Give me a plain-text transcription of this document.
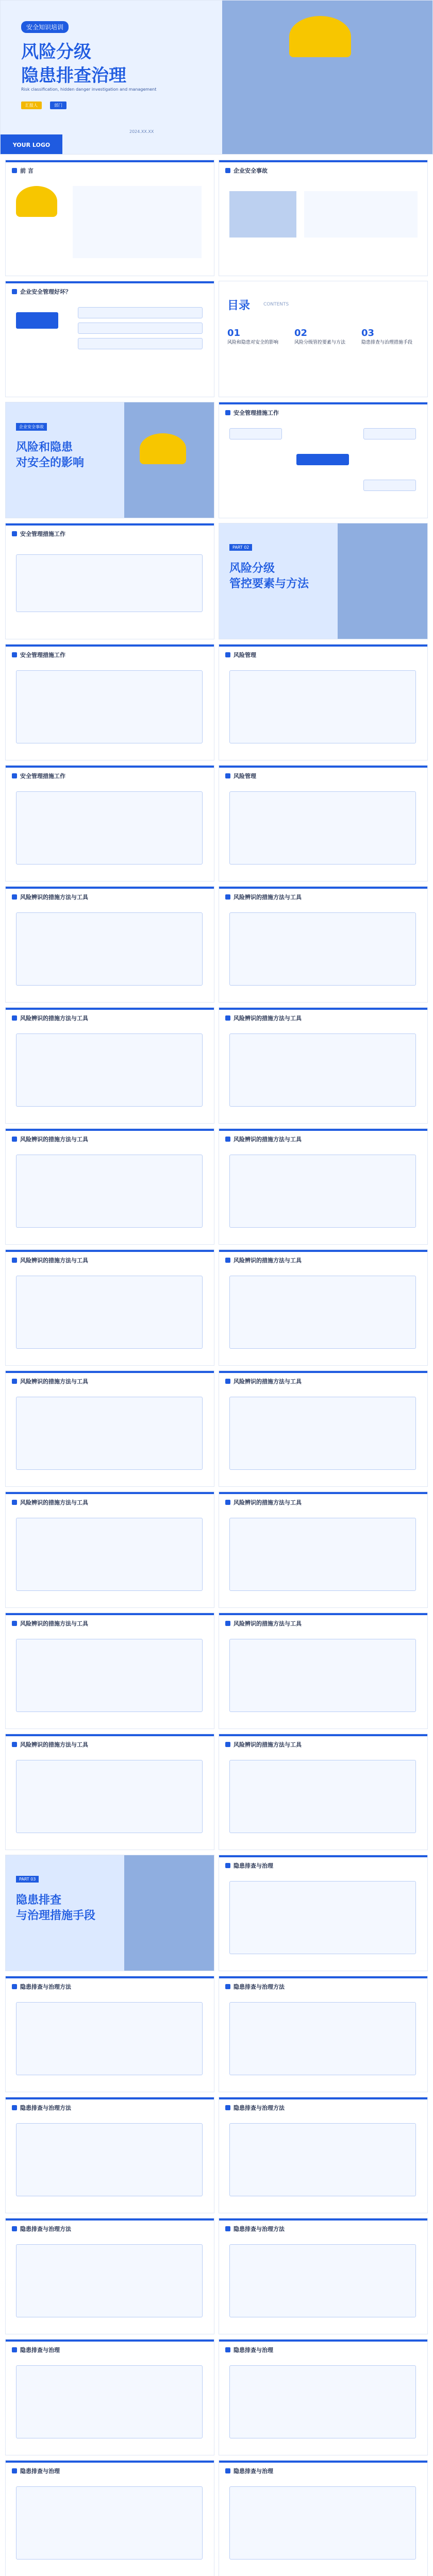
安全知识培训
风险分级
隐患排查治理
Risk classification, hidden danger investigation and management
汇报人	部门
2024.XX.XX
YOUR LOGO
前 言	企业安全事故
企业安全管理好坏？
目录	CONTENTS
01
风险和隐患对安全的影响
02
风险分级管控要素与方法
03
隐患排查与治理措施手段
企业安全事故
风险和隐患
对安全的影响
安全管理措施工作
安全管理措施工作
PART 02
风险分级
管控要素与方法
安全管理措施工作	风险管理
安全管理措施工作	风险管理
风险辨识的措施方法与工具	风险辨识的措施方法与工具
风险辨识的措施方法与工具	风险辨识的措施方法与工具
风险辨识的措施方法与工具	风险辨识的措施方法与工具
风险辨识的措施方法与工具	风险辨识的措施方法与工具
风险辨识的措施方法与工具	风险辨识的措施方法与工具
风险辨识的措施方法与工具	风险辨识的措施方法与工具
风险辨识的措施方法与工具	风险辨识的措施方法与工具
风险辨识的措施方法与工具	风险辨识的措施方法与工具
PART 03
隐患排查
与治理措施手段
隐患排查与治理
隐患排查与治理方法	隐患排查与治理方法
隐患排查与治理方法	隐患排查与治理方法
隐患排查与治理方法	隐患排查与治理方法
隐患排查与治理	隐患排查与治理
隐患排查与治理	隐患排查与治理
